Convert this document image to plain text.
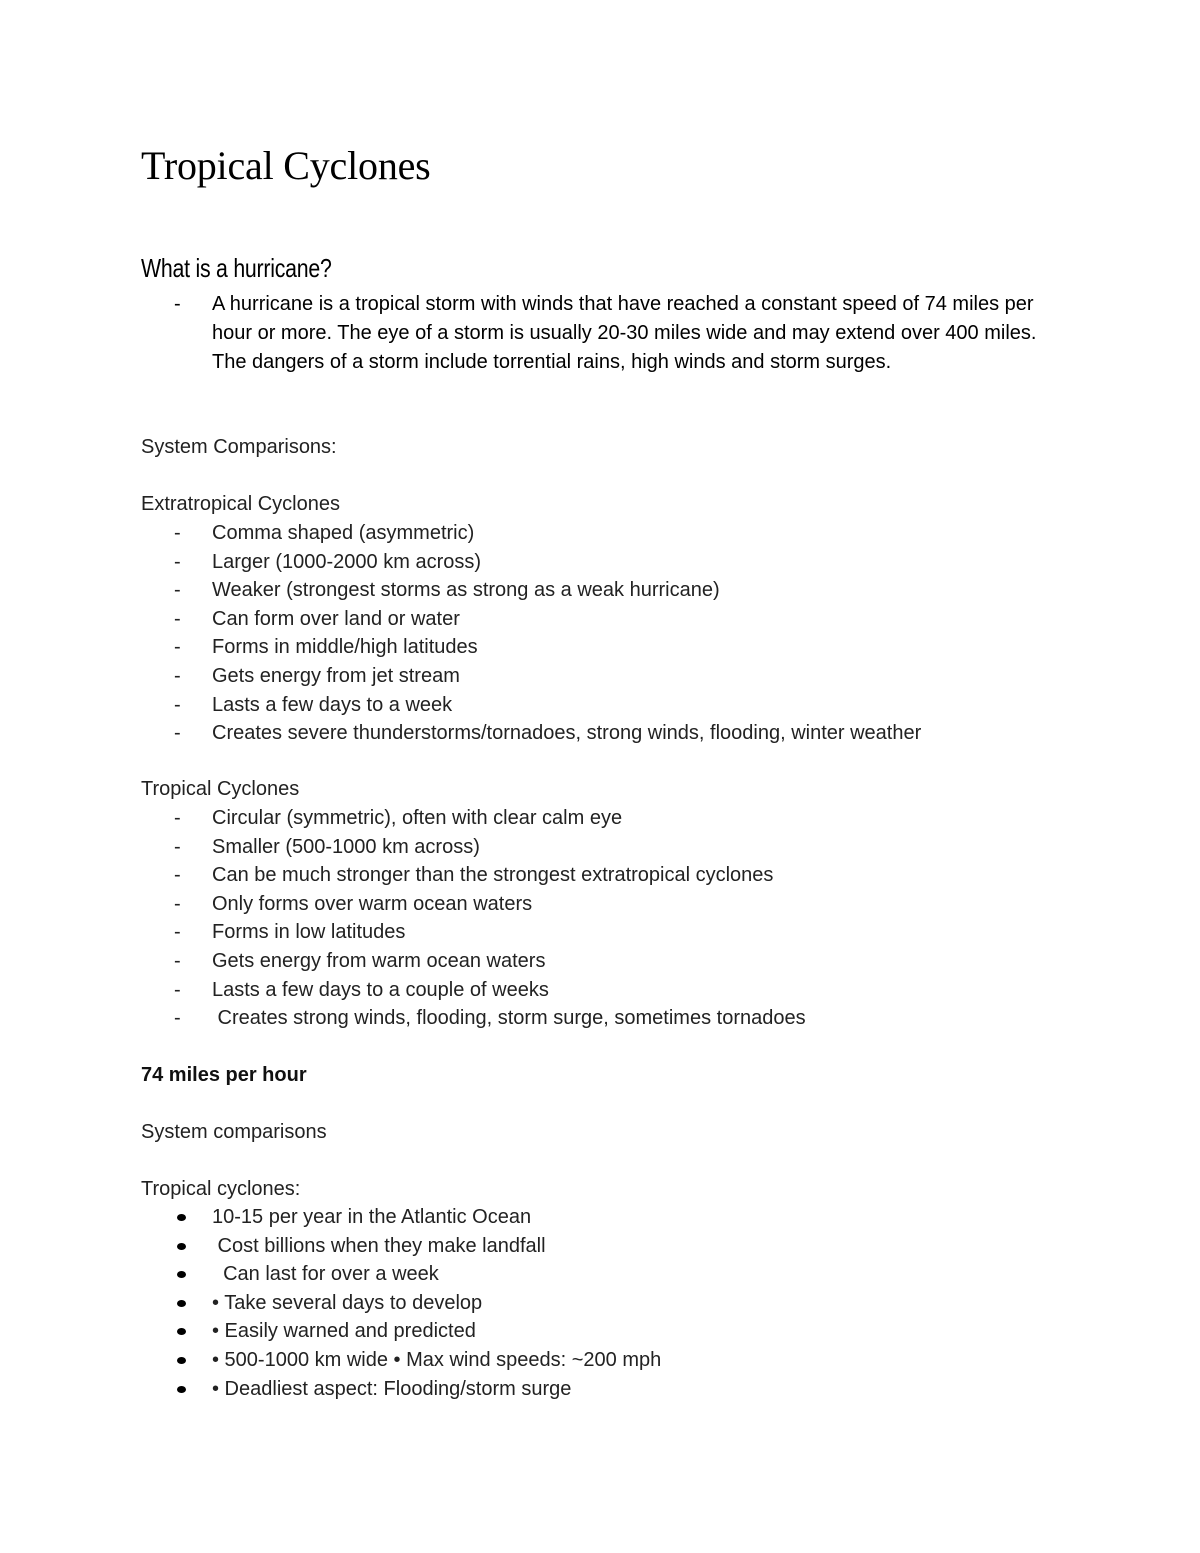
Tropical Cyclones
What is a hurricane?
- A hurricane is a tropical storm with winds that have reached a constant speed of 74 miles per hour or more. The eye of a storm is usually 20-30 miles wide and may extend over 400 miles. The dangers of a storm include torrential rains, high winds and storm surges.

System Comparisons:

Extratropical Cyclones

- Comma shaped (asymmetric)
- Larger (1000-2000 km across)
- Weaker (strongest storms as strong as a weak hurricane)
- Can form over land or water
- Forms in middle/high latitudes
- Gets energy from jet stream
- Lasts a few days to a week
- Creates severe thunderstorms/tornadoes, strong winds, flooding, winter weather

Tropical Cyclones

- Circular (symmetric), often with clear calm eye
- Smaller (500-1000 km across)
- Can be much stronger than the strongest extratropical cyclones
- Only forms over warm ocean waters
- Forms in low latitudes
- Gets energy from warm ocean waters
- Lasts a few days to a couple of weeks
- Creates strong winds, flooding, storm surge, sometimes tornadoes

74 miles per hour

System comparisons

Tropical cyclones:

10-15 per year in the Atlantic Ocean
Cost billions when they make landfall
Can last for over a week
• Take several days to develop
• Easily warned and predicted
• 500-1000 km wide • Max wind speeds: ~200 mph
• Deadliest aspect: Flooding/storm surge
